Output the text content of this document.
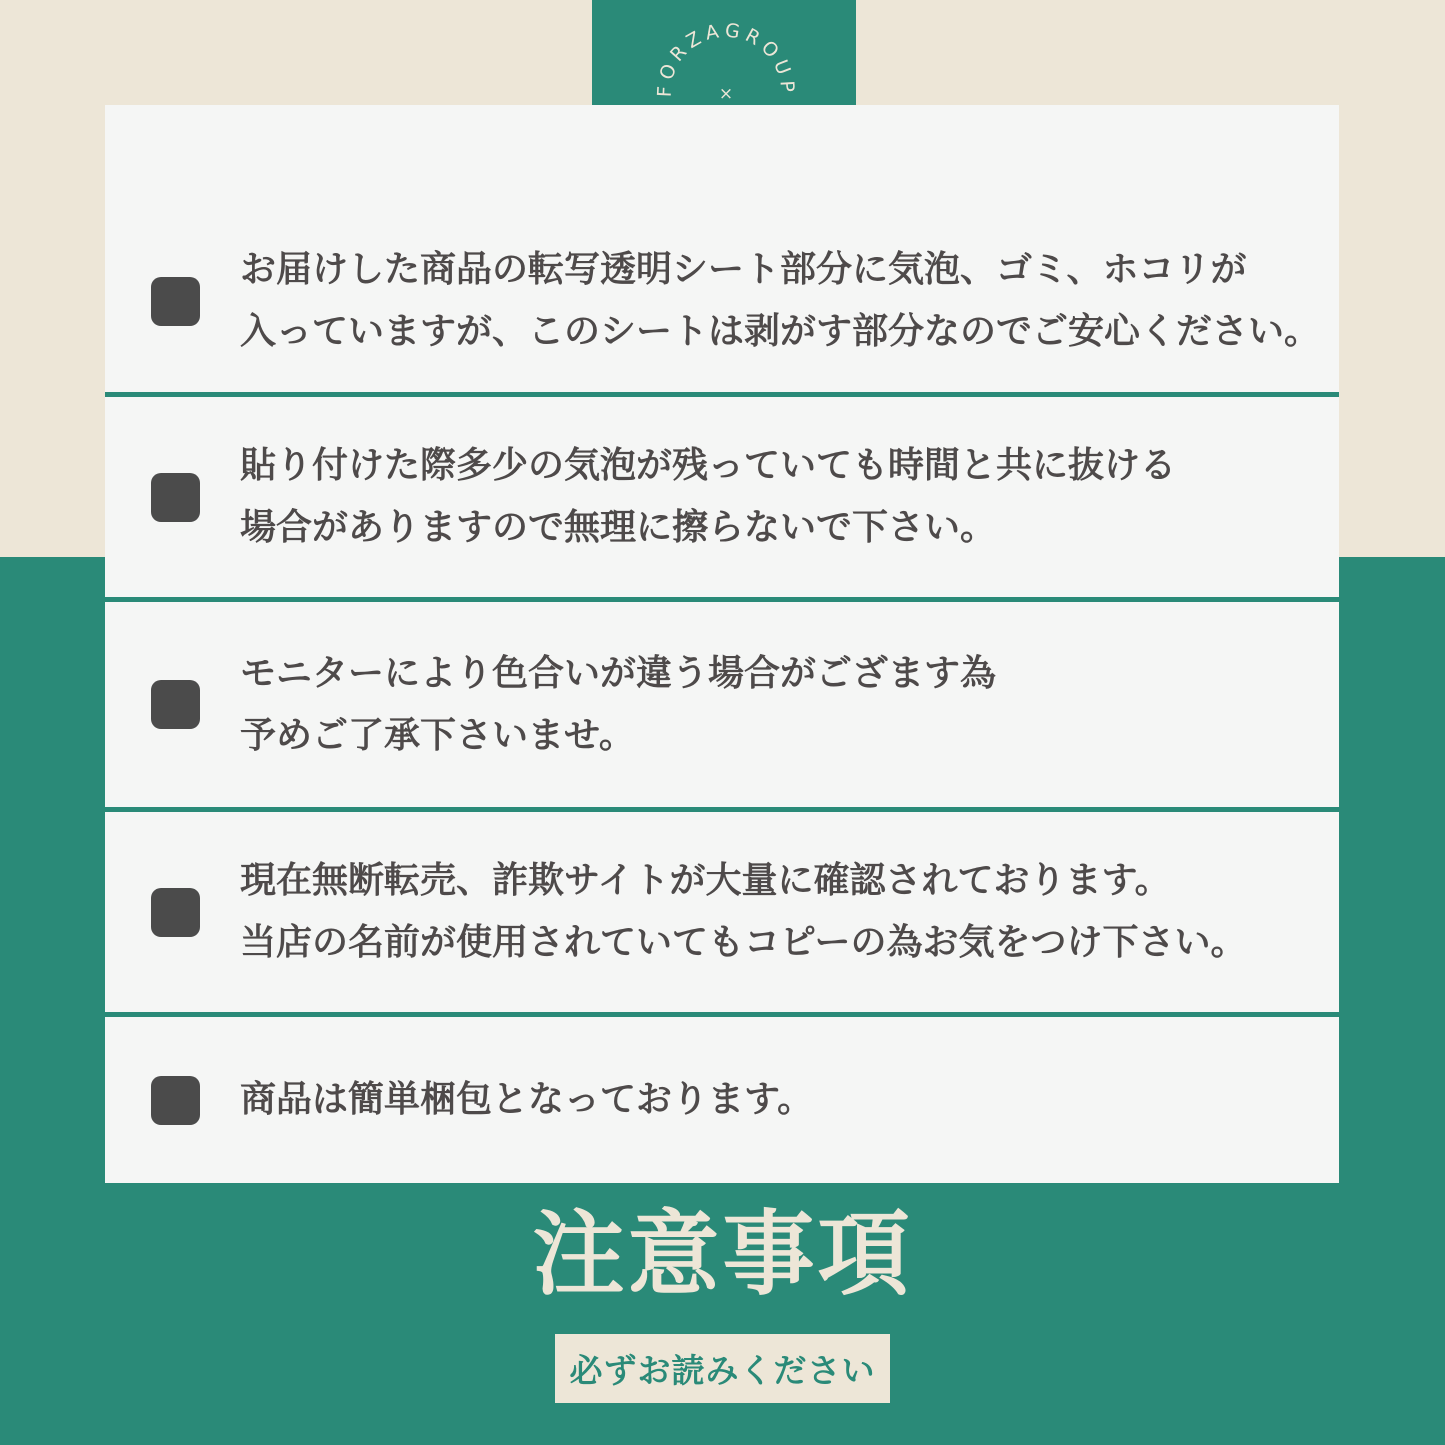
FORZAGROUP
×
お届けした商品の転写透明シート部分に気泡、ゴミ、ホコリが
入っていますが、このシートは剥がす部分なのでご安心ください。
貼り付けた際多少の気泡が残っていても時間と共に抜ける
場合がありますので無理に擦らないで下さい。
モニターにより色合いが違う場合がござます為
予めご了承下さいませ。
現在無断転売、詐欺サイトが大量に確認されております。
当店の名前が使用されていてもコピーの為お気をつけ下さい。
商品は簡単梱包となっております。
注意事項
必ずお読みください
